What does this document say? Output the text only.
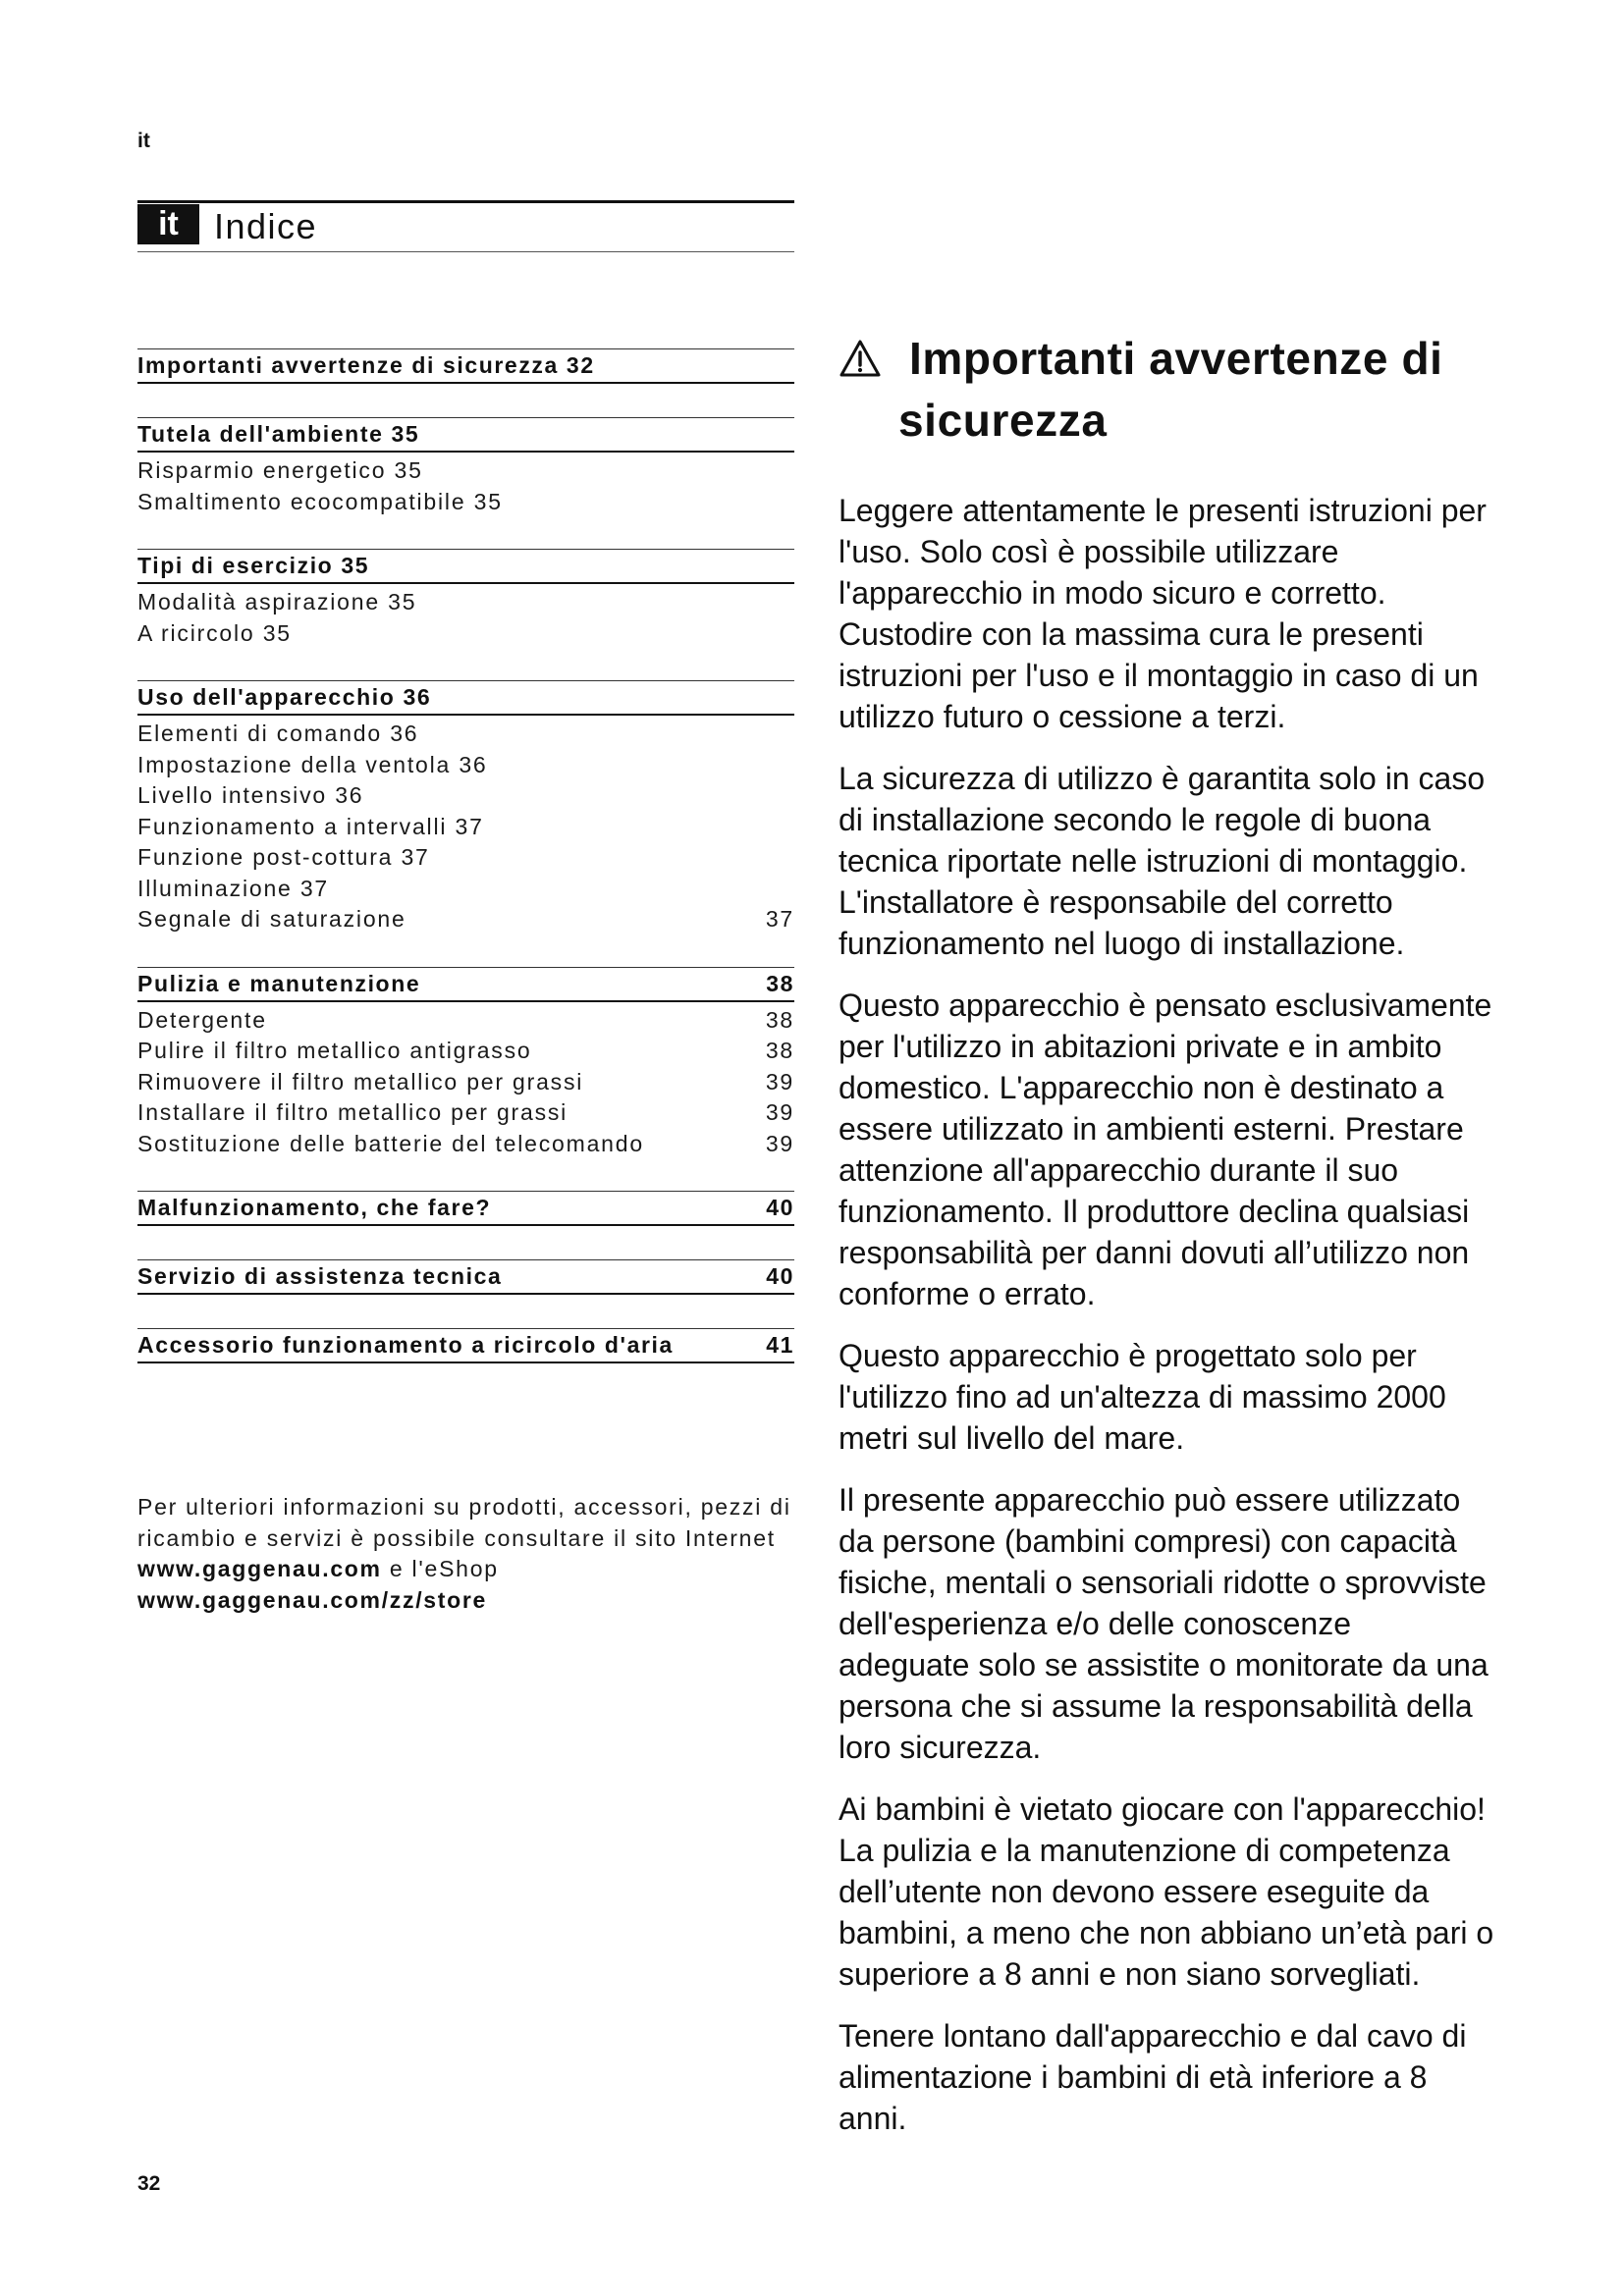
it
it	Indice
Importanti avvertenze di sicurezza 32
Tutela dell'ambiente 35
Risparmio energetico 35
Smaltimento ecocompatibile 35
Tipi di esercizio 35
Modalità aspirazione 35
A ricircolo 35
Uso dell'apparecchio 36
Elementi di comando 36
Impostazione della ventola 36
Livello intensivo 36
Funzionamento a intervalli 37
Funzione post-cottura 37
Illuminazione 37
Segnale di saturazione	37
Pulizia e manutenzione	38
Detergente	38
Pulire il filtro metallico antigrasso	38
Rimuovere il filtro metallico per grassi	39
Installare il filtro metallico per grassi	39
Sostituzione delle batterie del telecomando	39
Malfunzionamento, che fare?	40
Servizio di assistenza tecnica	40
Accessorio funzionamento a ricircolo d'aria	41
Per ulteriori informazioni su prodotti, accessori, pezzi di
ricambio e servizi è possibile consultare il sito Internet
www.gaggenau.com e l'eShop
www.gaggenau.com/zz/store
Importanti avvertenze di
sicurezza

Leggere attentamente le presenti istruzioni per
l'uso. Solo così è possibile utilizzare
l'apparecchio in modo sicuro e corretto.
Custodire con la massima cura le presenti
istruzioni per l'uso e il montaggio in caso di un
utilizzo futuro o cessione a terzi.

La sicurezza di utilizzo è garantita solo in caso
di installazione secondo le regole di buona
tecnica riportate nelle istruzioni di montaggio.
L'installatore è responsabile del corretto
funzionamento nel luogo di installazione.

Questo apparecchio è pensato esclusivamente
per l'utilizzo in abitazioni private e in ambito
domestico. L'apparecchio non è destinato a
essere utilizzato in ambienti esterni. Prestare
attenzione all'apparecchio durante il suo
funzionamento. Il produttore declina qualsiasi
responsabilità per danni dovuti all’utilizzo non
conforme o errato.

Questo apparecchio è progettato solo per
l'utilizzo fino ad un'altezza di massimo 2000
metri sul livello del mare.

Il presente apparecchio può essere utilizzato
da persone (bambini compresi) con capacità
fisiche, mentali o sensoriali ridotte o sprovviste
dell'esperienza e/o delle conoscenze
adeguate solo se assistite o monitorate da una
persona che si assume la responsabilità della
loro sicurezza.

Ai bambini è vietato giocare con l'apparecchio!
La pulizia e la manutenzione di competenza
dell’utente non devono essere eseguite da
bambini, a meno che non abbiano un’età pari o
superiore a 8 anni e non siano sorvegliati.

Tenere lontano dall'apparecchio e dal cavo di
alimentazione i bambini di età inferiore a 8
anni.

32
